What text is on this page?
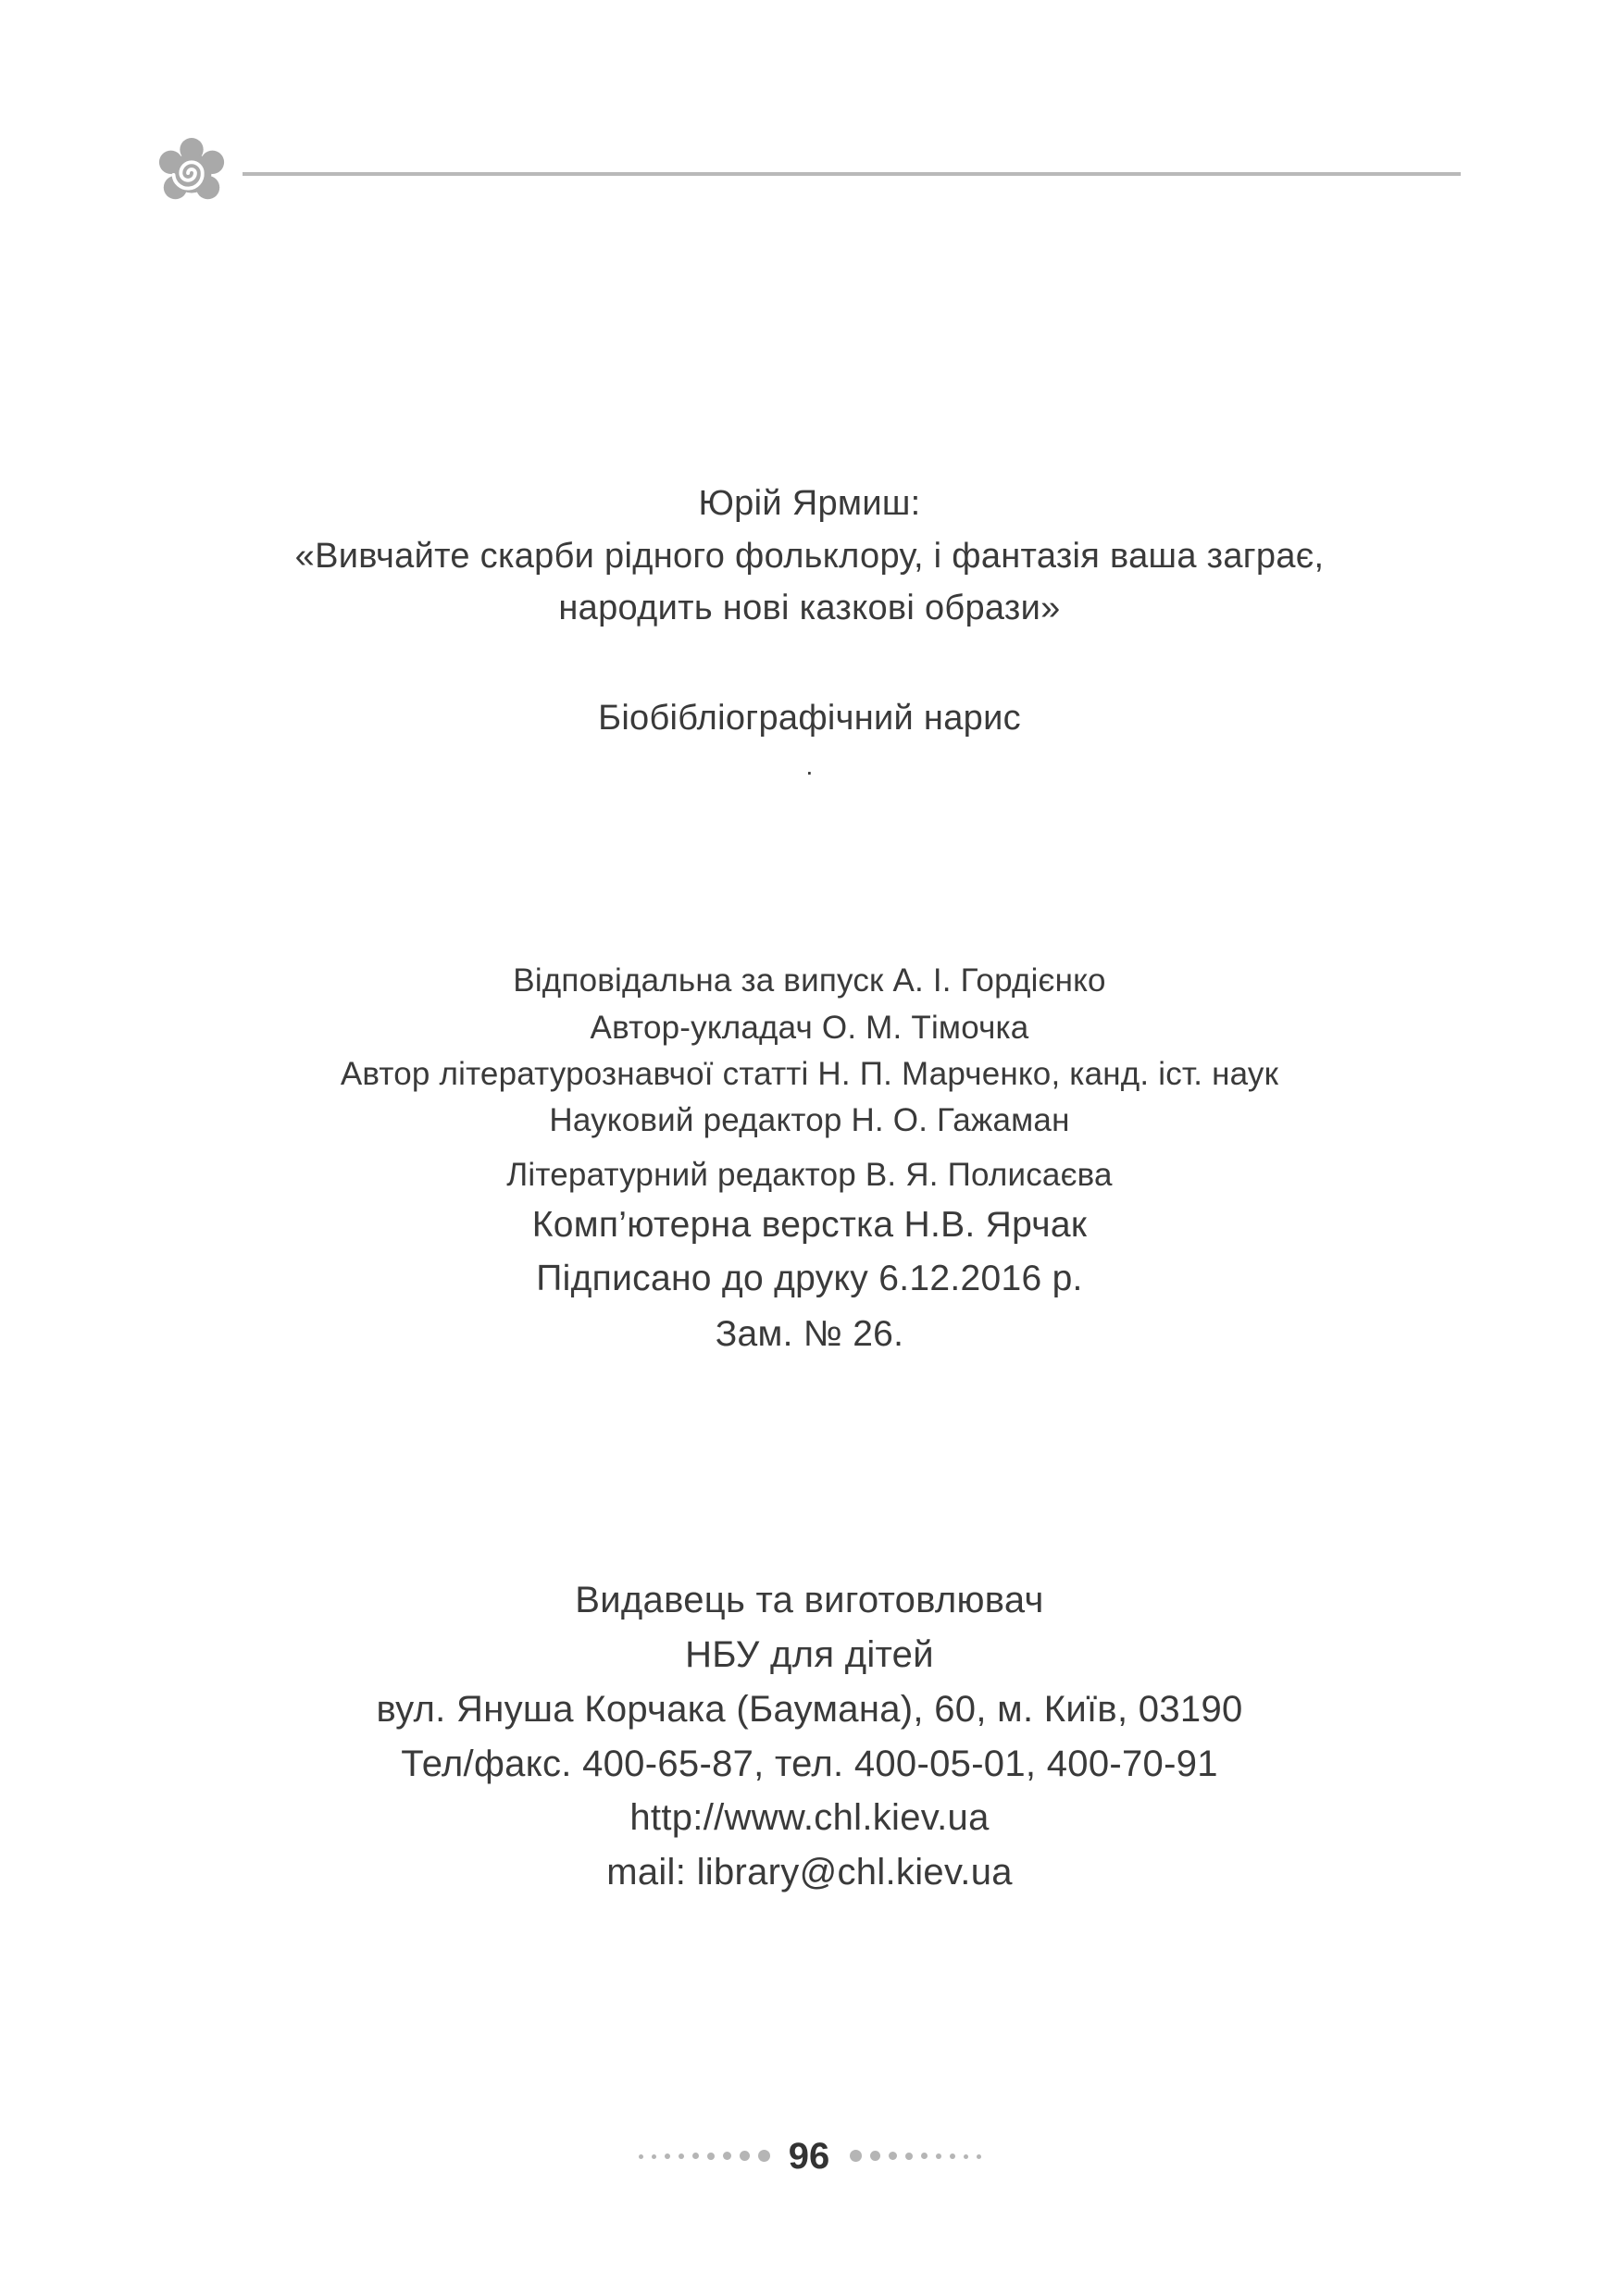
Юрій Ярмиш:
«Вивчайте скарби рідного фольклору, і фантазія ваша заграє,
народить нові казкові образи»
Біобібліографічний нарис
.
Відповідальна за випуск А. І. Гордієнко
Автор-укладач О. М. Тімочка
Автор літературознавчої статті Н. П. Марченко, канд. іст. наук
Науковий редактор Н. О. Гажаман
Літературний редактор В. Я. Полисаєва
Комп’ютерна верстка Н.В. Ярчак
Підписано до друку 6.12.2016 р.
Зам. № 26.
Видавець та виготовлювач
НБУ для дітей
вул. Януша Корчака (Баумана), 60, м. Київ, 03190
Тел/факс. 400-65-87, тел. 400-05-01, 400-70-91
http://www.chl.kiev.ua
mail: library@chl.kiev.ua
96
